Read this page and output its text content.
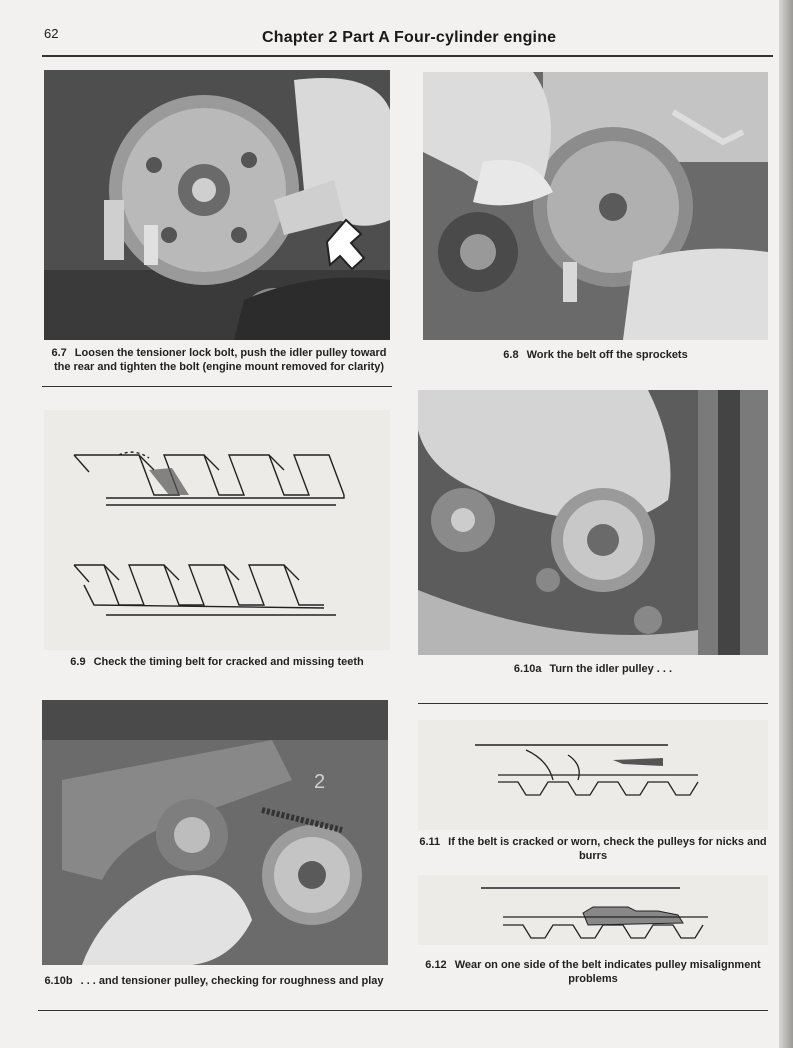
62	Chapter 2 Part A Four-cylinder engine
6.7 Loosen the tensioner lock bolt, push the idler pulley toward the rear and tighten the bolt (engine mount removed for clarity)
6.8 Work the belt off the sprockets
6.9 Check the timing belt for cracked and missing teeth
6.10a Turn the idler pulley . . .
2
6.10b . . . and tensioner pulley, checking for roughness and play
6.11 If the belt is cracked or worn, check the pulleys for nicks and burrs
6.12 Wear on one side of the belt indicates pulley misalignment problems
